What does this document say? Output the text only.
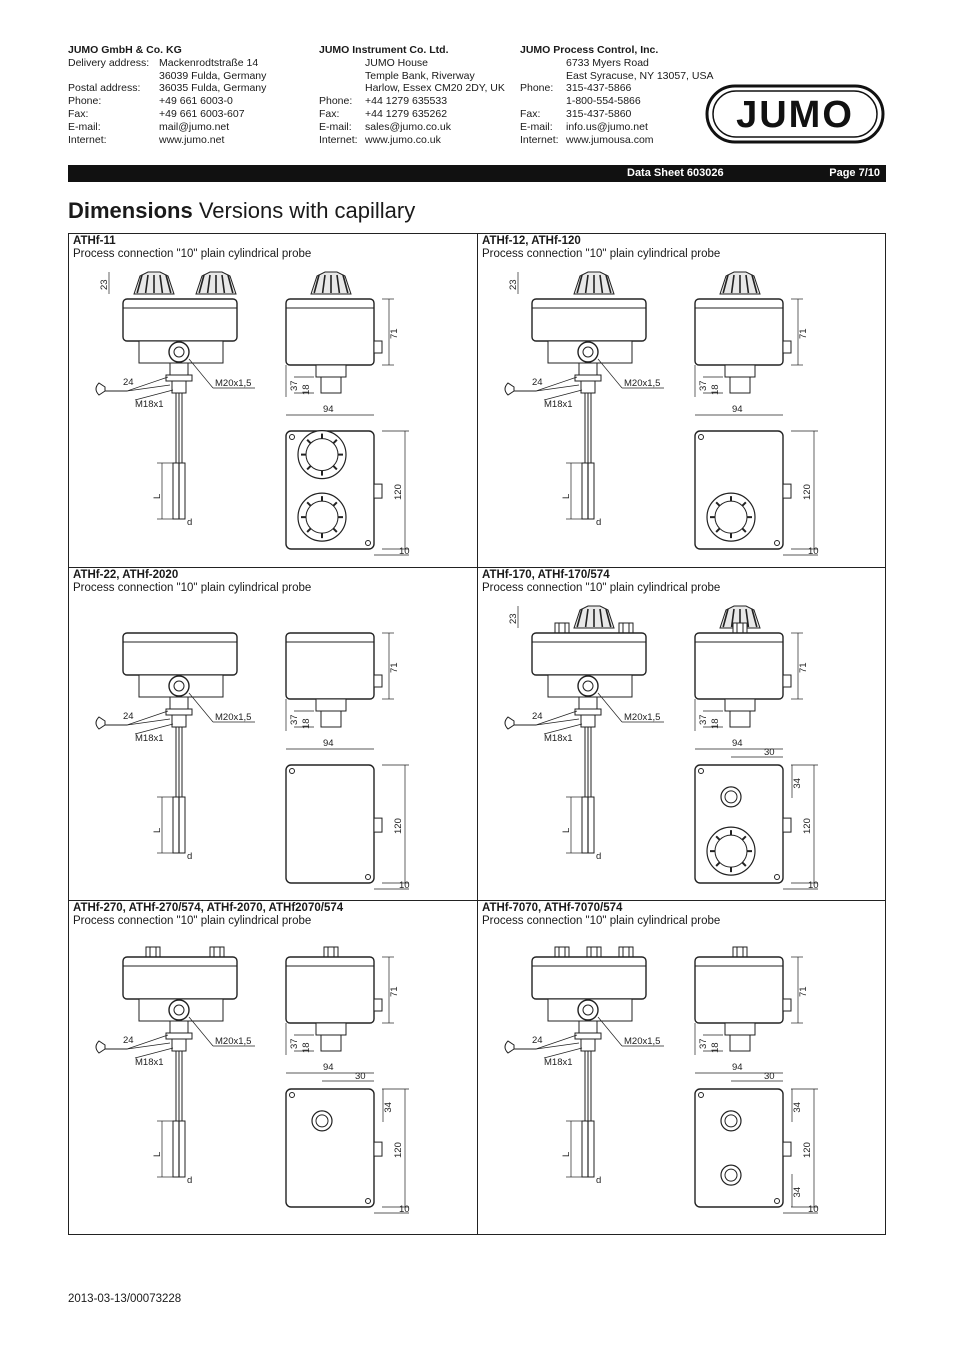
JUMO GmbH & Co. KG
Delivery address: Mackenrodtstraße 14
36039 Fulda, Germany
Postal address:	36035 Fulda, Germany
Phone:	+49 661 6003-0
Fax:	+49 661 6003-607
E-mail:	mail@jumo.net
Internet:	www.jumo.net
JUMO Instrument Co. Ltd.
JUMO House
Temple Bank, Riverway
Harlow, Essex CM20 2DY, UK
Phone:	+44 1279 635533
Fax:	+44 1279 635262
E-mail:	sales@jumo.co.uk
Internet: www.jumo.co.uk
JUMO Process Control, Inc.
6733 Myers Road
East Syracuse, NY 13057, USA
Phone:	315-437-5866
1-800-554-5866
Fax:	315-437-5860
E-mail:	info.us@jumo.net
Internet: www.jumousa.com
JUMO
Data Sheet 603026	Page 7/10
Dimensions Versions with capillary
L
d
24
M18x1
M20x1,5
23
37 18
71
94
120
10
ATHf-11
Process connection "10" plain cylindrical probe
L
d
24
M18x1
M20x1,5
23
37 18
71
94
120
10
ATHf-12, ATHf-120
Process connection "10" plain cylindrical probe
L
d
24
M18x1
M20x1,5	37 18
71
94
120
10
ATHf-22, ATHf-2020
Process connection "10" plain cylindrical probe
L
d
24
M18x1
M20x1,5
23
37 18
71
94
120
10
30
34
ATHf-170, ATHf-170/574
Process connection "10" plain cylindrical probe
L
d
24
M18x1
M20x1,5	37 18
71
94
120
10
30
34
ATHf-270, ATHf-270/574, ATHf-2070, ATHf2070/574
Process connection "10" plain cylindrical probe
L
d
24
M18x1
M20x1,5	37 18
71
94
120
10
30
34
34
ATHf-7070, ATHf-7070/574
Process connection "10" plain cylindrical probe
2013-03-13/00073228
